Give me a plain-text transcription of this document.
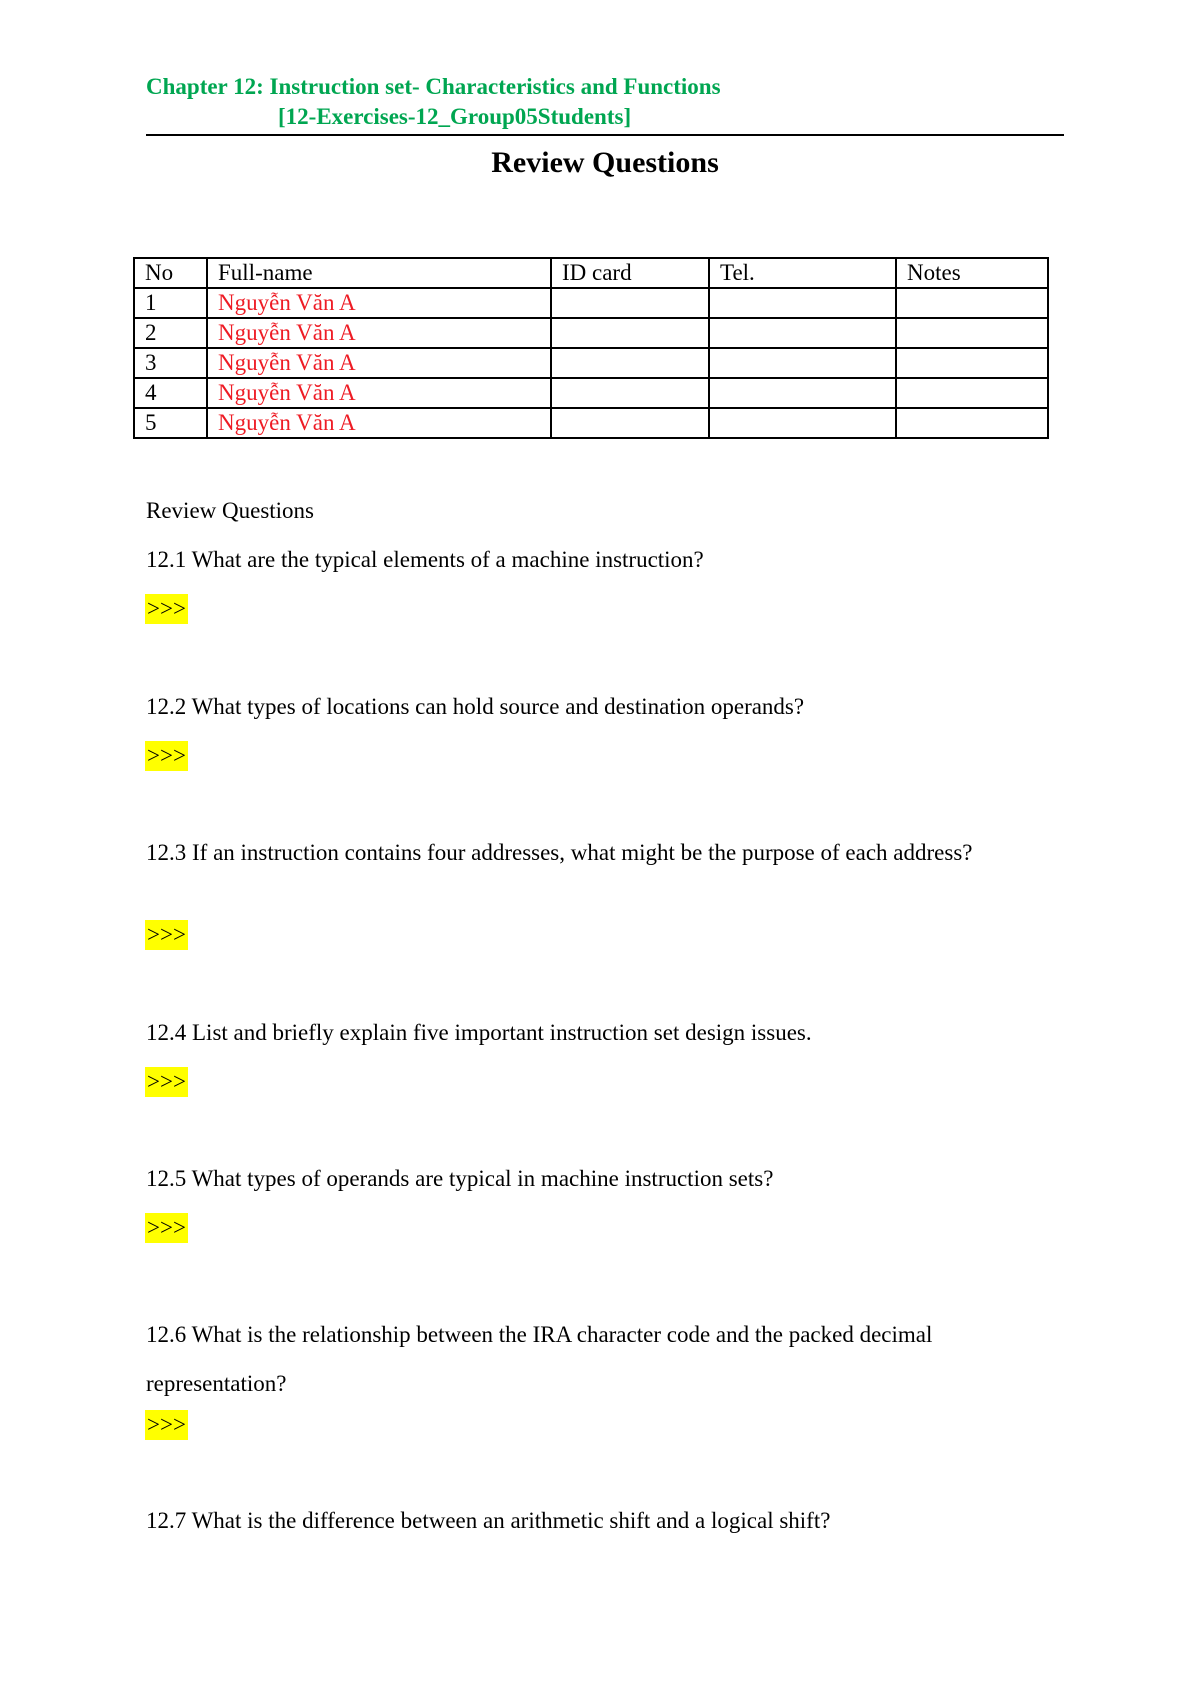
Chapter 12: Instruction set- Characteristics and Functions
[12-Exercises-12_Group05Students]
Review Questions
No	Full-name	ID card	Tel.	Notes
1	Nguyễn Văn A			
2	Nguyễn Văn A			
3	Nguyễn Văn A			
4	Nguyễn Văn A			
5	Nguyễn Văn A			
Review Questions
12.1 What are the typical elements of a machine instruction?
>>>
12.2 What types of locations can hold source and destination operands?
>>>
12.3 If an instruction contains four addresses, what might be the purpose of each address?
>>>
12.4 List and briefly explain five important instruction set design issues.
>>>
12.5 What types of operands are typical in machine instruction sets?
>>>
12.6 What is the relationship between the IRA character code and the packed decimal representation?
>>>
12.7 What is the difference between an arithmetic shift and a logical shift?
